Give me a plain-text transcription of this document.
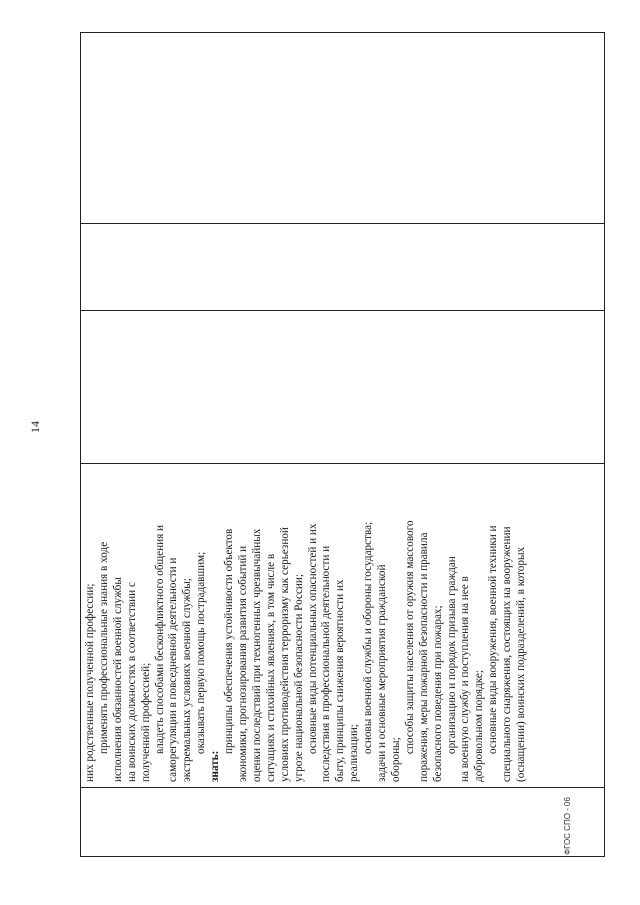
14
ФГОС СПО - 06

них родственные полученной профессии; применять профессиональные знания в ходе исполнения обязанностей военной службы на воинских должностях в соответствии с полученной профессией; владеть способами бесконфликтного общения и саморегуляции в повседневной деятельности и экстремальных условиях военной службы; оказывать первую помощь пострадавшим;

знать:

принципы обеспечения устойчивости объектов экономики, прогнозирования развития событий и оценки последствий при техногенных чрезвычайных ситуациях и стихийных явлениях, в том числе в условиях противодействия терроризму как серьезной угрозе национальной безопасности России; основные виды потенциальных опасностей и их последствия в профессиональной деятельности и быту, принципы снижения вероятности их реализации; основы военной службы и обороны государства; задачи и основные мероприятия гражданской обороны;

способы защиты населения от оружия массового поражения, меры пожарной безопасности и правила безопасного поведения при пожарах; организацию и порядок призыва граждан на военную службу и поступления на нее в добровольном порядке; основные виды вооружения, военной техники и специального снаряжения, состоящих на вооружении (оснащении) воинских подразделений, в которых
